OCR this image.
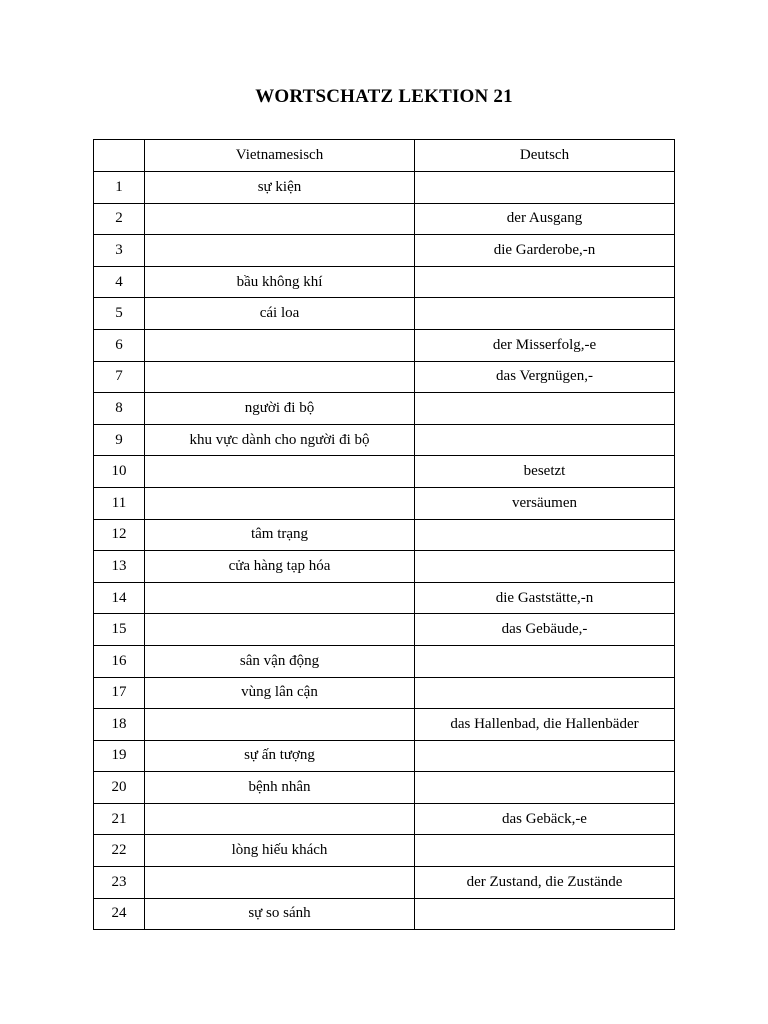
WORTSCHATZ LEKTION 21
	Vietnamesisch	Deutsch
1	sự kiện	
2		der Ausgang
3		die Garderobe,-n
4	bầu không khí	
5	cái loa	
6		der Misserfolg,-e
7		das Vergnügen,-
8	người đi bộ	
9	khu vực dành cho người đi bộ	
10		besetzt
11		versäumen
12	tâm trạng	
13	cửa hàng tạp hóa	
14		die Gaststätte,-n
15		das Gebäude,-
16	sân vận động	
17	vùng lân cận	
18		das Hallenbad, die Hallenbäder
19	sự ấn tượng	
20	bệnh nhân	
21		das Gebäck,-e
22	lòng hiếu khách	
23		der Zustand, die Zustände
24	sự so sánh	
